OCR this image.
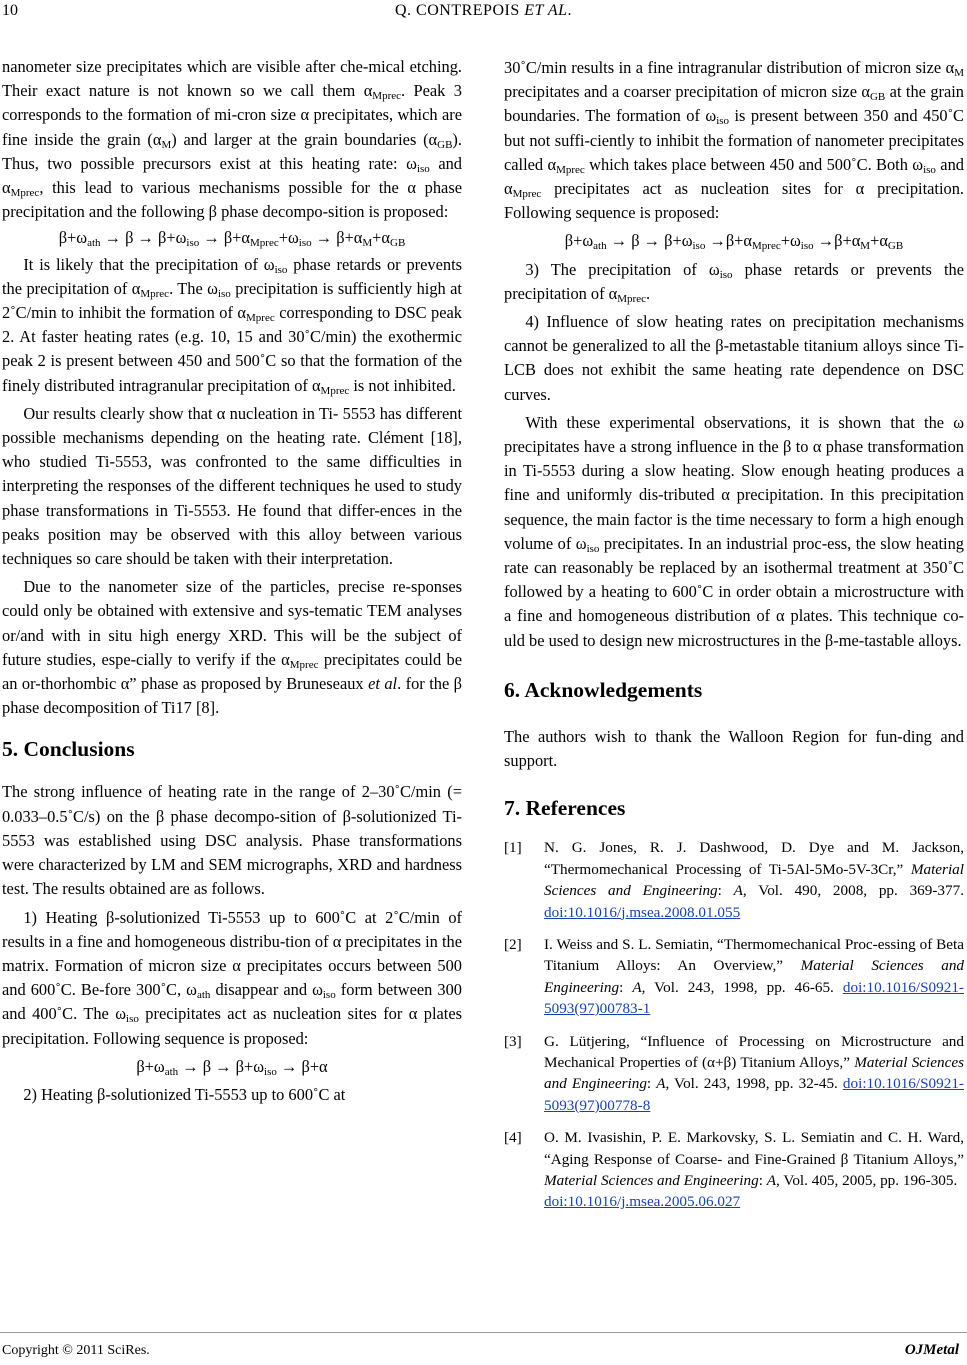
10	Q. CONTREPOIS ET AL.

nanometer size precipitates which are visible after che-mical etching. Their exact nature is not known so we call them $\alpha_{Mprec}$. Peak 3 corresponds to the formation of mi-cron size α precipitates, which are fine inside the grain $(\alpha_M)$ and larger at the grain boundaries $(\alpha_{GB})$. Thus, two possible precursors exist at this heating rate: $\omega_{iso}$ and $\alpha_{Mprec}$, this lead to various mechanisms possible for the α phase precipitation and the following β phase decompo-sition is proposed:

$\beta+\omega_{ath} \to \beta \to \beta+\omega_{iso} \to \beta+\alpha_{Mprec}+\omega_{iso} \to \beta+\alpha_M+\alpha_{GB}$

It is likely that the precipitation of $\omega_{iso}$ phase retards or prevents the precipitation of $\alpha_{Mprec}$. The $\omega_{iso}$ precipitation is sufficiently high at 2˚C/min to inhibit the formation of $\alpha_{Mprec}$ corresponding to DSC peak 2. At faster heating rates (e.g. 10, 15 and 30˚C/min) the exothermic peak 2 is present between 450 and 500˚C so that the formation of the finely distributed intragranular precipitation of $\alpha_{Mprec}$ is not inhibited.

Our results clearly show that α nucleation in Ti- 5553 has different possible mechanisms depending on the heating rate. Clément [18], who studied Ti-5553, was confronted to the same difficulties in interpreting the responses of the different techniques he used to study phase transformations in Ti-5553. He found that differ-ences in the peaks position may be observed with this alloy between various techniques so care should be taken with their interpretation.

Due to the nanometer size of the particles, precise re-sponses could only be obtained with extensive and sys-tematic TEM analyses or/and with in situ high energy XRD. This will be the subject of future studies, espe-cially to verify if the $\alpha_{Mprec}$ precipitates could be an or-thorhombic α” phase as proposed by Bruneseaux et al. for the β phase decomposition of Ti17 [8].

5. Conclusions

The strong influence of heating rate in the range of 2–30˚C/min (= 0.033–0.5˚C/s) on the β phase decompo-sition of β-solutionized Ti-5553 was established using DSC analysis. Phase transformations were characterized by LM and SEM micrographs, XRD and hardness test. The results obtained are as follows.

1) Heating β-solutionized Ti-5553 up to 600˚C at 2˚C/min of results in a fine and homogeneous distribu-tion of α precipitates in the matrix. Formation of micron size α precipitates occurs between 500 and 600˚C. Be-fore 300˚C, $\omega_{ath}$ disappear and $\omega_{iso}$ form between 300 and 400˚C. The $\omega_{iso}$ precipitates act as nucleation sites for α plates precipitation. Following sequence is proposed:

$\beta+\omega_{ath} \to \beta \to \beta+\omega_{iso} \to \beta+\alpha$

2) Heating β-solutionized Ti-5553 up to 600˚C at

30˚C/min results in a fine intragranular distribution of micron size $\alpha_M$ precipitates and a coarser precipitation of micron size $\alpha_{GB}$ at the grain boundaries. The formation of $\omega_{iso}$ is present between 350 and 450˚C but not suffi-ciently to inhibit the formation of nanometer precipitates called $\alpha_{Mprec}$ which takes place between 450 and 500˚C. Both $\omega_{iso}$ and $\alpha_{Mprec}$ precipitates act as nucleation sites for α precipitation. Following sequence is proposed:

$\beta+\omega_{ath} \to \beta \to \beta+\omega_{iso} \to\beta+\alpha_{Mprec}+\omega_{iso} \to\beta+\alpha_M+\alpha_{GB}$

3) The precipitation of $\omega_{iso}$ phase retards or prevents the precipitation of $\alpha_{Mprec}$.

4) Influence of slow heating rates on precipitation mechanisms cannot be generalized to all the β-metastable titanium alloys since Ti-LCB does not exhibit the same heating rate dependence on DSC curves.

With these experimental observations, it is shown that the ω precipitates have a strong influence in the β to α phase transformation in Ti-5553 during a slow heating. Slow enough heating produces a fine and uniformly dis-tributed α precipitation. In this precipitation sequence, the main factor is the time necessary to form a high enough volume of $\omega_{iso}$ precipitates. In an industrial proc-ess, the slow heating rate can reasonably be replaced by an isothermal treatment at 350˚C followed by a heating to 600˚C in order obtain a microstructure with a fine and homogeneous distribution of α plates. This technique co-uld be used to design new microstructures in the β-me-tastable alloys.

6. Acknowledgements

The authors wish to thank the Walloon Region for fun-ding and support.

7. References
[1]	N. G. Jones, R. J. Dashwood, D. Dye and M. Jackson, “Thermomechanical Processing of Ti-5Al-5Mo-5V-3Cr,” Material Sciences and Engineering: A, Vol. 490, 2008, pp. 369-377. doi:10.1016/j.msea.2008.01.055
[2]	I. Weiss and S. L. Semiatin, “Thermomechanical Proc-essing of Beta Titanium Alloys: An Overview,” Material Sciences and Engineering: A, Vol. 243, 1998, pp. 46-65. doi:10.1016/S0921-5093(97)00783-1
[3]	G. Lütjering, “Influence of Processing on Microstructure and Mechanical Properties of (α+β) Titanium Alloys,” Material Sciences and Engineering: A, Vol. 243, 1998, pp. 32-45. doi:10.1016/S0921-5093(97)00778-8
[4]	O. M. Ivasishin, P. E. Markovsky, S. L. Semiatin and C. H. Ward, “Aging Response of Coarse- and Fine-Grained β Titanium Alloys,” Material Sciences and Engineering: A, Vol. 405, 2005, pp. 196-305.
doi:10.1016/j.msea.2005.06.027
Copyright © 2011 SciRes.	OJMetal
